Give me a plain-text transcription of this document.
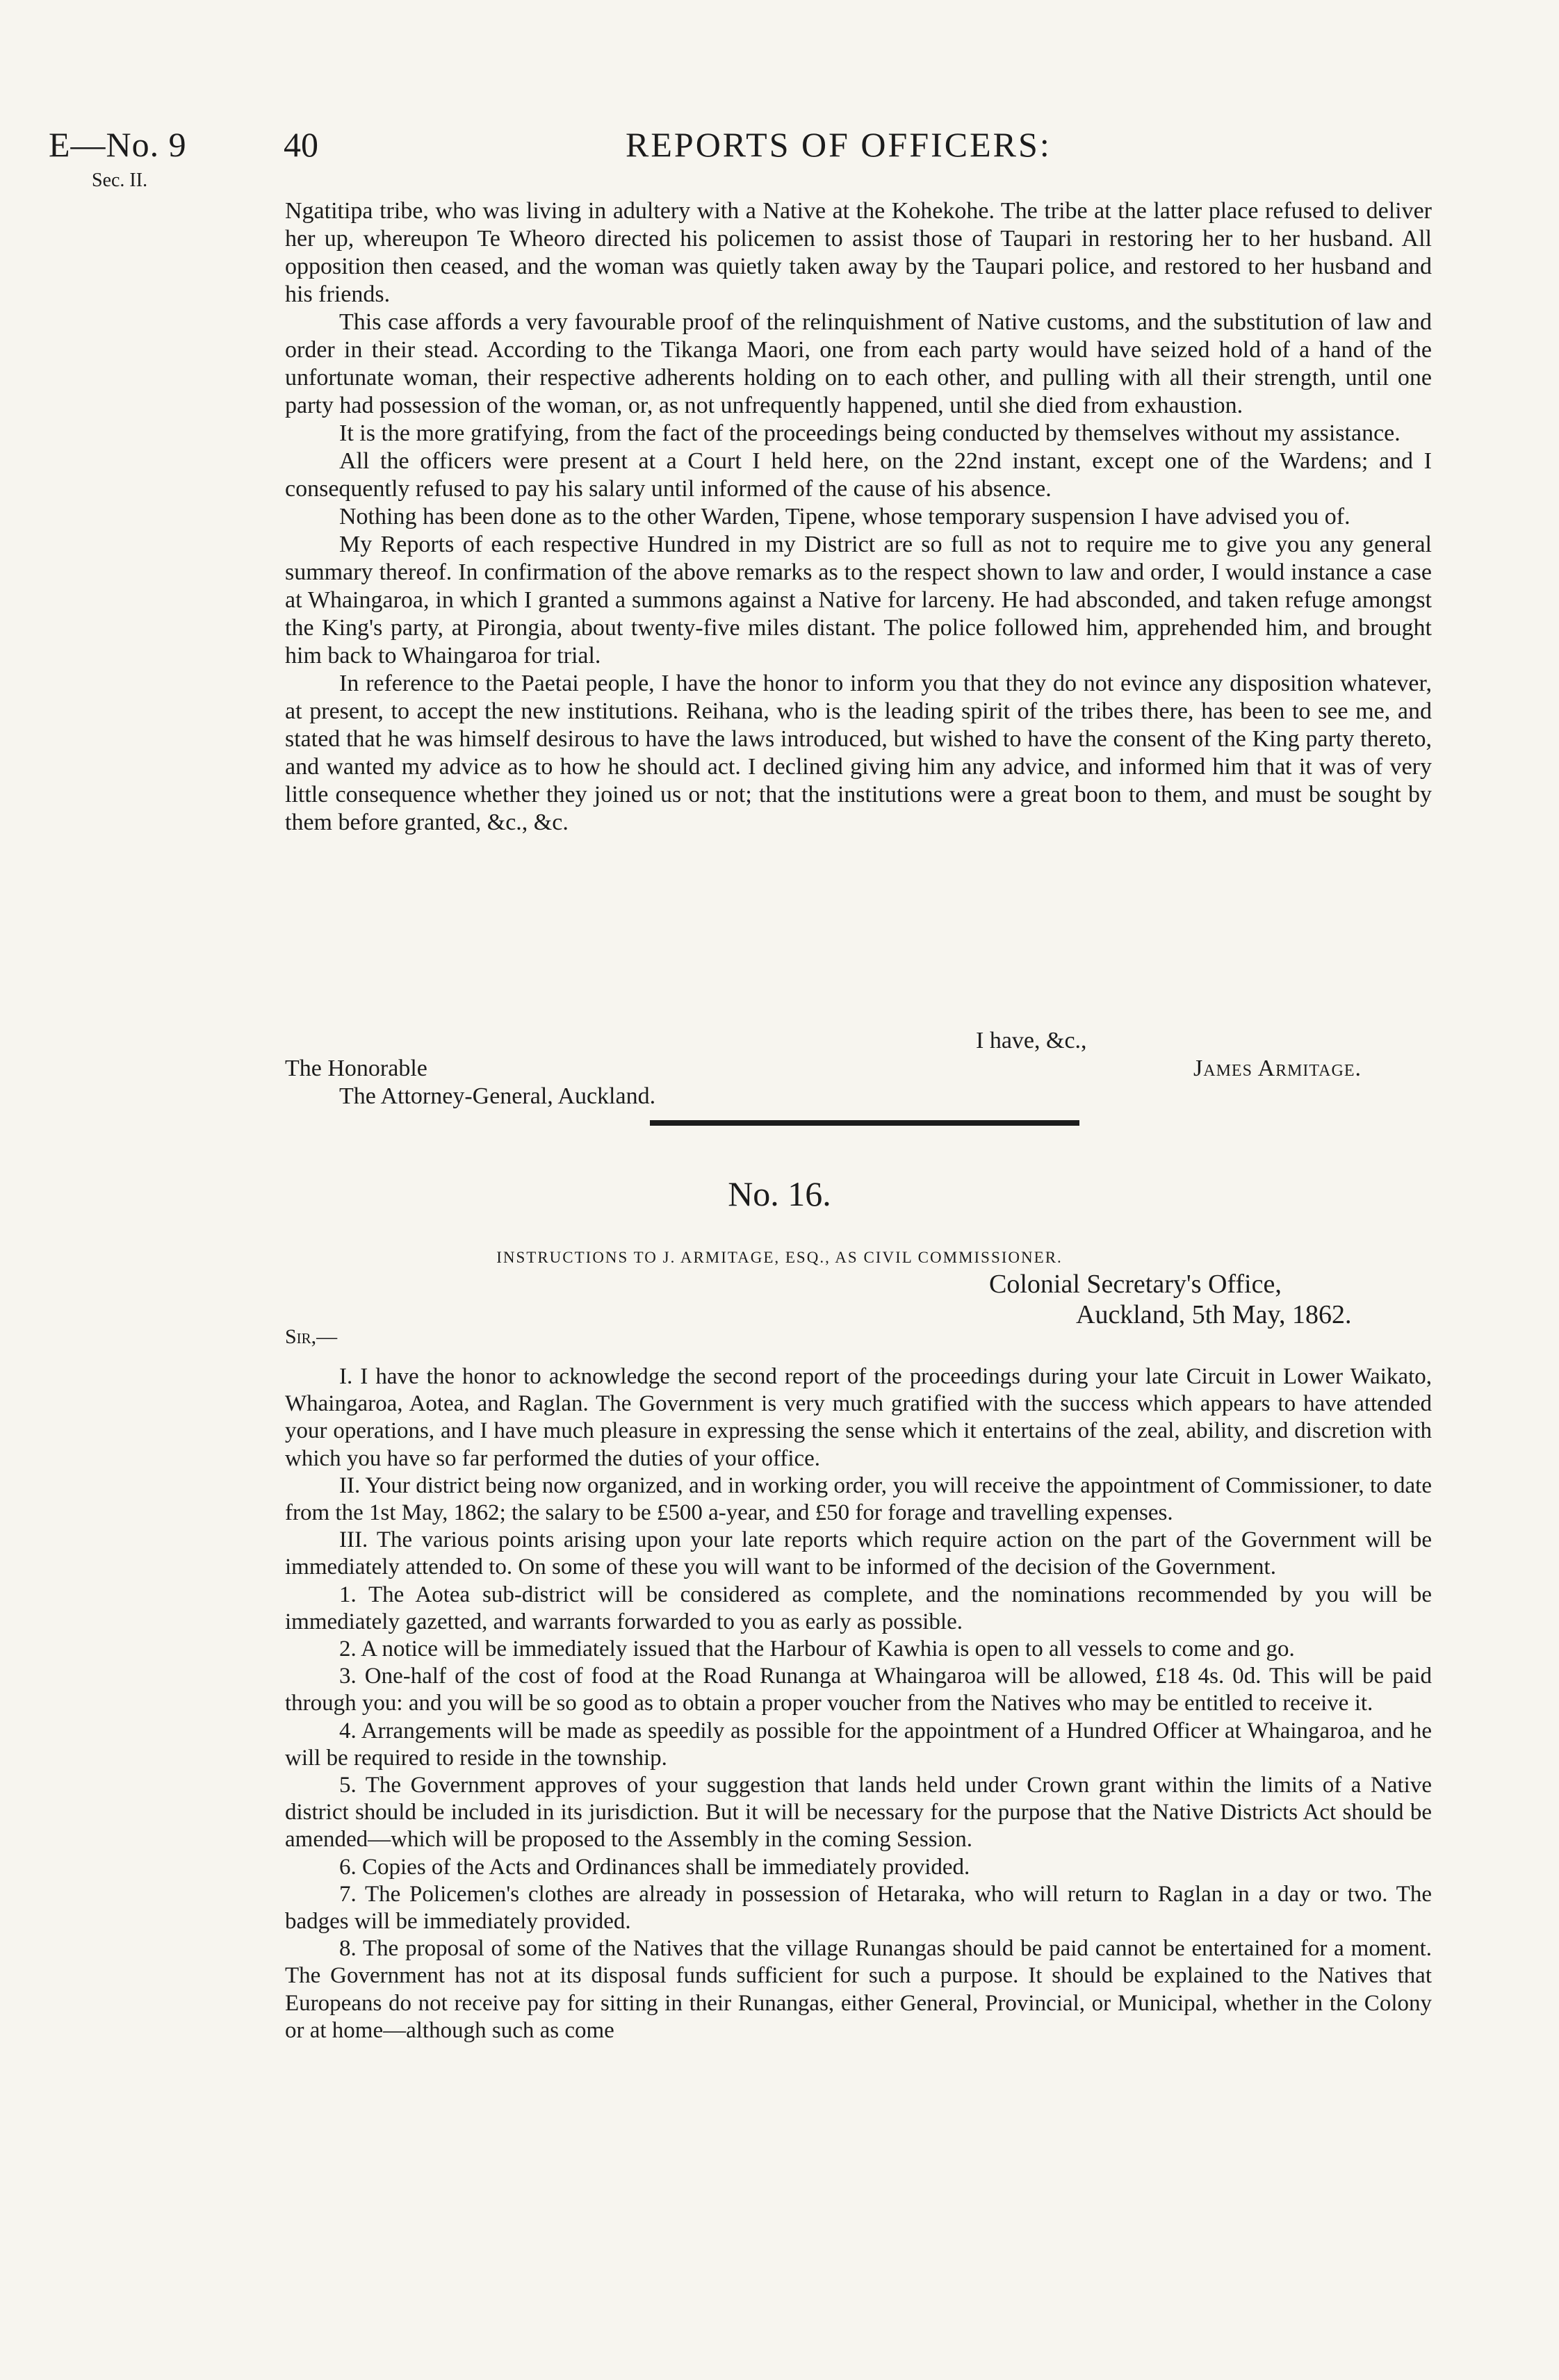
E—No. 9
Sec. II.
40	REPORTS OF OFFICERS:

Ngatitipa tribe, who was living in adultery with a Native at the Kohekohe. The tribe at the latter place refused to deliver her up, whereupon Te Wheoro directed his policemen to assist those of Taupari in restoring her to her husband. All opposition then ceased, and the woman was quietly taken away by the Taupari police, and restored to her husband and his friends.

This case affords a very favourable proof of the relinquishment of Native customs, and the substitution of law and order in their stead. According to the Tikanga Maori, one from each party would have seized hold of a hand of the unfortunate woman, their respective adherents holding on to each other, and pulling with all their strength, until one party had possession of the woman, or, as not unfrequently happened, until she died from exhaustion.

It is the more gratifying, from the fact of the proceedings being conducted by themselves without my assistance.

All the officers were present at a Court I held here, on the 22nd instant, except one of the Wardens; and I consequently refused to pay his salary until informed of the cause of his absence.

Nothing has been done as to the other Warden, Tipene, whose temporary suspension I have advised you of.

My Reports of each respective Hundred in my District are so full as not to require me to give you any general summary thereof. In confirmation of the above remarks as to the respect shown to law and order, I would instance a case at Whaingaroa, in which I granted a summons against a Native for larceny. He had absconded, and taken refuge amongst the King's party, at Pirongia, about twenty-five miles distant. The police followed him, apprehended him, and brought him back to Whaingaroa for trial.

In reference to the Paetai people, I have the honor to inform you that they do not evince any disposition whatever, at present, to accept the new institutions. Reihana, who is the leading spirit of the tribes there, has been to see me, and stated that he was himself desirous to have the laws introduced, but wished to have the consent of the King party thereto, and wanted my advice as to how he should act. I declined giving him any advice, and informed him that it was of very little consequence whether they joined us or not; that the institutions were a great boon to them, and must be sought by them before granted, &c., &c.

I have, &c.,
The Honorable	James Armitage.
The Attorney-General, Auckland.
No. 16.
INSTRUCTIONS TO J. ARMITAGE, ESQ., AS CIVIL COMMISSIONER.
Colonial Secretary's Office,
Auckland, 5th May, 1862.
Sir,—

I. I have the honor to acknowledge the second report of the proceedings during your late Circuit in Lower Waikato, Whaingaroa, Aotea, and Raglan. The Government is very much gratified with the success which appears to have attended your operations, and I have much pleasure in expressing the sense which it entertains of the zeal, ability, and discretion with which you have so far performed the duties of your office.

II. Your district being now organized, and in working order, you will receive the appointment of Commissioner, to date from the 1st May, 1862; the salary to be £500 a-year, and £50 for forage and travelling expenses.

III. The various points arising upon your late reports which require action on the part of the Government will be immediately attended to. On some of these you will want to be informed of the decision of the Government.

1. The Aotea sub-district will be considered as complete, and the nominations recommended by you will be immediately gazetted, and warrants forwarded to you as early as possible.

2. A notice will be immediately issued that the Harbour of Kawhia is open to all vessels to come and go.

3. One-half of the cost of food at the Road Runanga at Whaingaroa will be allowed, £18 4s. 0d. This will be paid through you: and you will be so good as to obtain a proper voucher from the Natives who may be entitled to receive it.

4. Arrangements will be made as speedily as possible for the appointment of a Hundred Officer at Whaingaroa, and he will be required to reside in the township.

5. The Government approves of your suggestion that lands held under Crown grant within the limits of a Native district should be included in its jurisdiction. But it will be necessary for the purpose that the Native Districts Act should be amended—which will be proposed to the Assembly in the coming Session.

6. Copies of the Acts and Ordinances shall be immediately provided.

7. The Policemen's clothes are already in possession of Hetaraka, who will return to Raglan in a day or two. The badges will be immediately provided.

8. The proposal of some of the Natives that the village Runangas should be paid cannot be entertained for a moment. The Government has not at its disposal funds sufficient for such a purpose. It should be explained to the Natives that Europeans do not receive pay for sitting in their Runangas, either General, Provincial, or Municipal, whether in the Colony or at home—although such as come
